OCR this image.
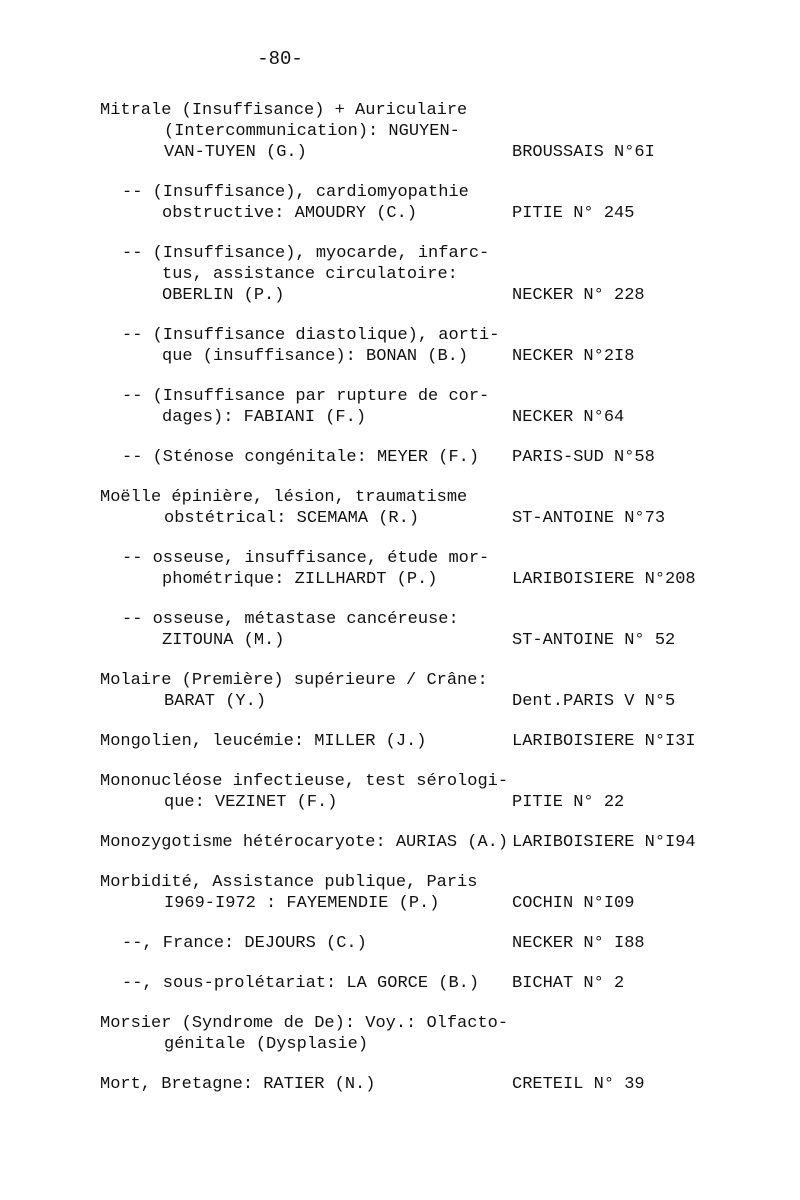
-80-
Mitrale (Insuffisance) + Auriculaire
(Intercommunication): NGUYEN-
VAN-TUYEN (G.)	BROUSSAIS N°6I
-- (Insuffisance), cardiomyopathie
obstructive: AMOUDRY (C.)	PITIE N° 245
-- (Insuffisance), myocarde, infarc-
tus, assistance circulatoire:
OBERLIN (P.)	NECKER N° 228
-- (Insuffisance diastolique), aorti-
que (insuffisance): BONAN (B.)	NECKER N°2I8
-- (Insuffisance par rupture de cor-
dages): FABIANI (F.)	NECKER N°64
-- (Sténose congénitale: MEYER (F.)	PARIS-SUD N°58
Moëlle épinière, lésion, traumatisme
obstétrical: SCEMAMA (R.)	ST-ANTOINE N°73
-- osseuse, insuffisance, étude mor-
phométrique: ZILLHARDT (P.)	LARIBOISIERE N°208
-- osseuse, métastase cancéreuse:
ZITOUNA (M.)	ST-ANTOINE N° 52
Molaire (Première) supérieure / Crâne:
BARAT (Y.)	Dent.PARIS V N°5
Mongolien, leucémie: MILLER (J.)	LARIBOISIERE N°I3I
Mononucléose infectieuse, test sérologi-
que: VEZINET (F.)	PITIE N° 22
Monozygotisme hétérocaryote: AURIAS (A.) LARIBOISIERE N°I94
Morbidité, Assistance publique, Paris
I969-I972 : FAYEMENDIE (P.)	COCHIN N°I09
--, France: DEJOURS (C.)	NECKER N° I88
--, sous-prolétariat: LA GORCE (B.)	BICHAT N° 2
Morsier (Syndrome de De): Voy.: Olfacto-
génitale (Dysplasie)
Mort, Bretagne: RATIER (N.)	CRETEIL N° 39
